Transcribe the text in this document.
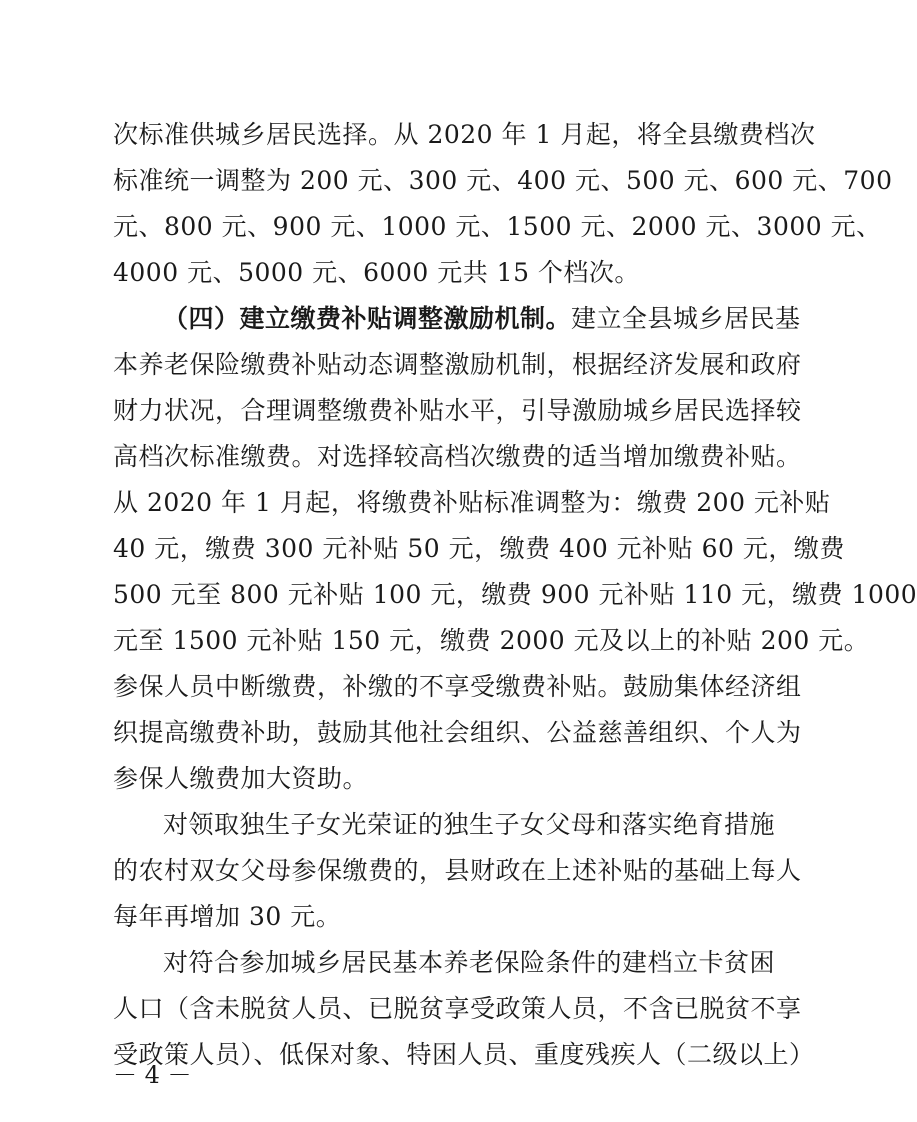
次标准供城乡居民选择。从 2020 年 1 月起，将全县缴费档次
标准统一调整为 200 元、300 元、400 元、500 元、600 元、700
元、800 元、900 元、1000 元、1500 元、2000 元、3000 元、
4000 元、5000 元、6000 元共 15 个档次。
（四）建立缴费补贴调整激励机制。建立全县城乡居民基
本养老保险缴费补贴动态调整激励机制，根据经济发展和政府
财力状况，合理调整缴费补贴水平，引导激励城乡居民选择较
高档次标准缴费。对选择较高档次缴费的适当增加缴费补贴。
从 2020 年 1 月起，将缴费补贴标准调整为：缴费 200 元补贴
40 元，缴费 300 元补贴 50 元，缴费 400 元补贴 60 元，缴费
500 元至 800 元补贴 100 元，缴费 900 元补贴 110 元，缴费 1000
元至 1500 元补贴 150 元，缴费 2000 元及以上的补贴 200 元。
参保人员中断缴费，补缴的不享受缴费补贴。鼓励集体经济组
织提高缴费补助，鼓励其他社会组织、公益慈善组织、个人为
参保人缴费加大资助。
对领取独生子女光荣证的独生子女父母和落实绝育措施
的农村双女父母参保缴费的，县财政在上述补贴的基础上每人
每年再增加 30 元。
对符合参加城乡居民基本养老保险条件的建档立卡贫困
人口（含未脱贫人员、已脱贫享受政策人员，不含已脱贫不享
受政策人员）、低保对象、特困人员、重度残疾人（二级以上）
－ 4 －
